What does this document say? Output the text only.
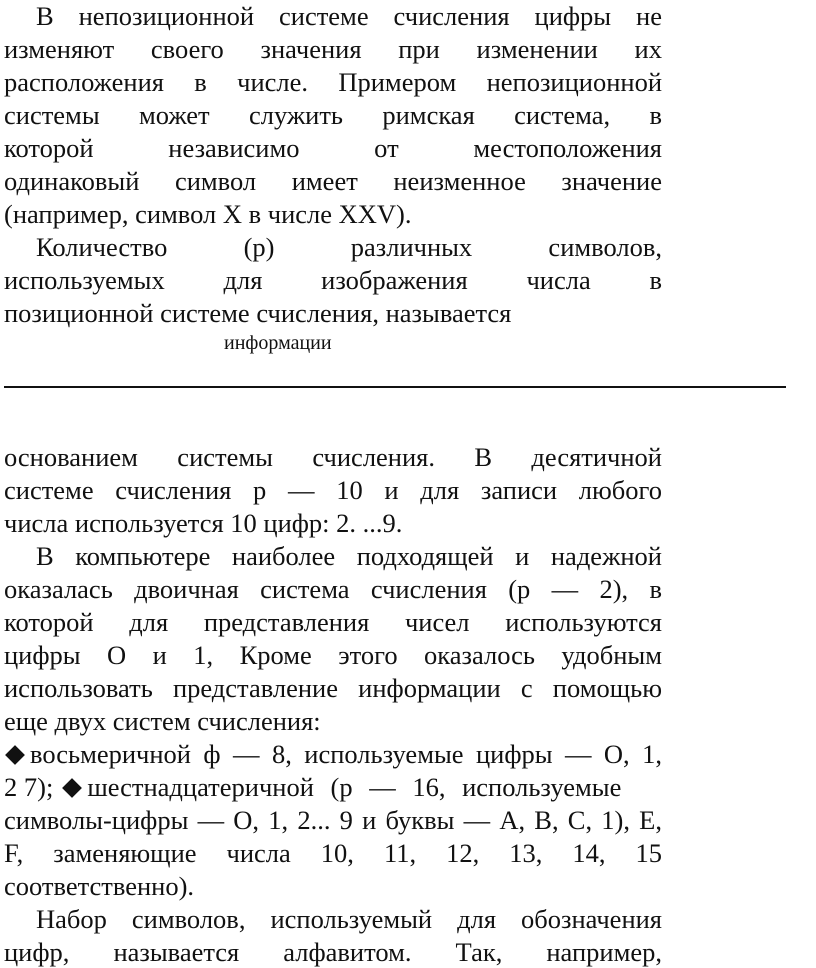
В непозиционной системе счисления цифры не
изменяют своего значения при изменении их
расположения в числе. Примером непозиционной
системы может служить римская система, в
которой независимо от местоположения
одинаковый символ имеет неизменное значение
(например, символ Х в числе ХХV).
Количество (р) различных символов,
используемых для изображения числа в
позиционной системе счисления, называется
информации
основанием системы счисления. В десятичной
системе счисления р — 10 и для записи любого
числа используется 10 цифр: 2. ...9.
В компьютере наиболее подходящей и надежной
оказалась двоичная система счисления (р — 2), в
которой для представления чисел используются
цифры О и 1, Кроме этого оказалось удобным
использовать представление информации с помощью
еще двух систем счисления:
восьмеричной ф — 8, используемые цифры — О, 1,
2 7); шестнадцатеричной (р — 16, используемые
символы-цифры — О, 1, 2... 9 и буквы — А, В, С, 1), Е,
F, заменяющие числа 10, 11, 12, 13, 14, 15
соответственно).
Набор символов, используемый для обозначения
цифр, называется алфавитом. Так, например,
